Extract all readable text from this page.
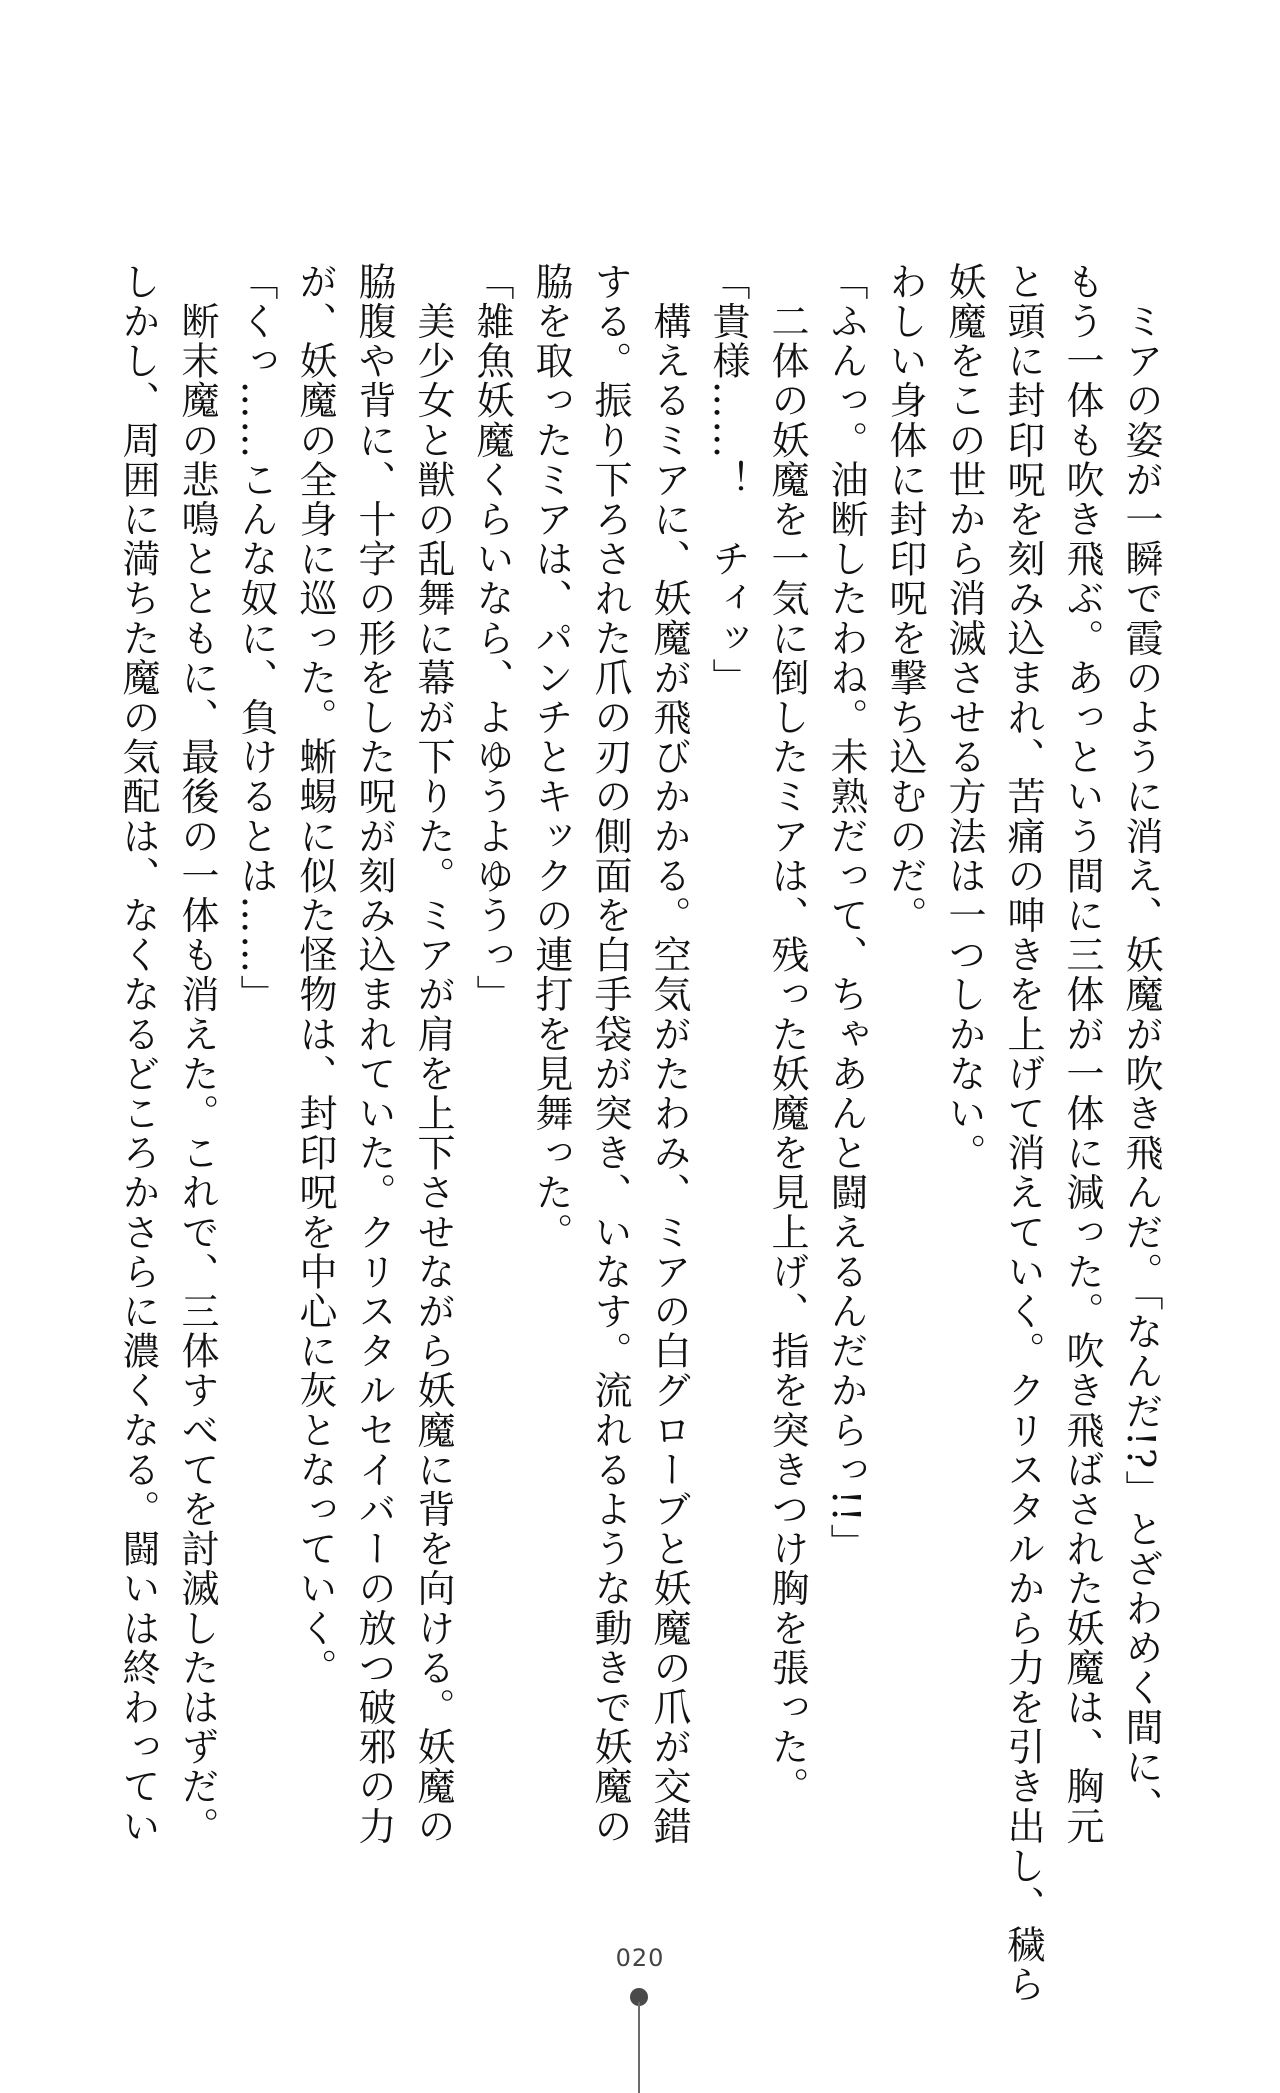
　ミアの姿が一瞬で霞のように消え、妖魔が吹き飛んだ。「なんだ!?」とざわめく間に、
もう一体も吹き飛ぶ。あっという間に三体が一体に減った。吹き飛ばされた妖魔は、胸元
と頭に封印呪を刻み込まれ、苦痛の呻きを上げて消えていく。クリスタルから力を引き出し、穢ら
妖魔をこの世から消滅させる方法は一つしかない。
わしい身体に封印呪を撃ち込むのだ。
「ふんっ。油断したわね。未熟だって、ちゃあんと闘えるんだからっ!!」
　二体の妖魔を一気に倒したミアは、残った妖魔を見上げ、指を突きつけ胸を張った。
「貴様……！　チィッ」
　構えるミアに、妖魔が飛びかかる。空気がたわみ、ミアの白グローブと妖魔の爪が交錯
する。振り下ろされた爪の刃の側面を白手袋が突き、いなす。流れるような動きで妖魔の
脇を取ったミアは、パンチとキックの連打を見舞った。
「雑魚妖魔くらいなら、よゆうよゆうっ」
　美少女と獣の乱舞に幕が下りた。ミアが肩を上下させながら妖魔に背を向ける。妖魔の
脇腹や背に、十字の形をした呪が刻み込まれていた。クリスタルセイバーの放つ破邪の力
が、妖魔の全身に巡った。蜥蜴に似た怪物は、封印呪を中心に灰となっていく。
「くっ……こんな奴に、負けるとは……」
　断末魔の悲鳴とともに、最後の一体も消えた。これで、三体すべてを討滅したはずだ。
しかし、周囲に満ちた魔の気配は、なくなるどころかさらに濃くなる。闘いは終わってい
020
